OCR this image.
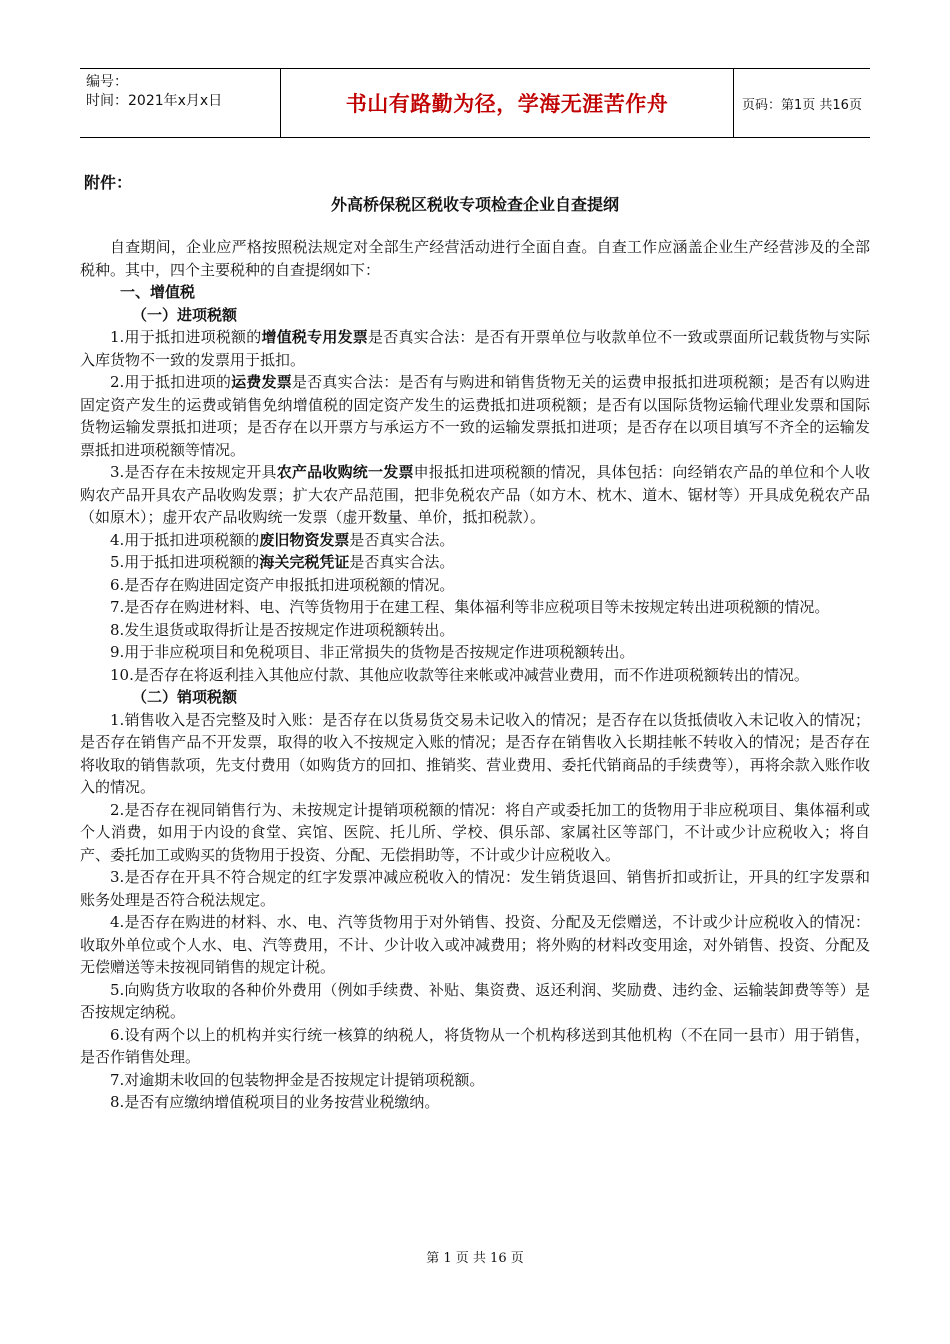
编号：
时间：2021年x月x日	书山有路勤为径，学海无涯苦作舟	页码：第1页 共16页
附件：
外高桥保税区税收专项检查企业自查提纲

自查期间，企业应严格按照税法规定对全部生产经营活动进行全面自查。自查工作应涵盖企业生产经营涉及的全部税种。其中，四个主要税种的自查提纲如下：

一、增值税

（一）进项税额

1.用于抵扣进项税额的增值税专用发票是否真实合法：是否有开票单位与收款单位不一致或票面所记载货物与实际入库货物不一致的发票用于抵扣。

2.用于抵扣进项的运费发票是否真实合法：是否有与购进和销售货物无关的运费申报抵扣进项税额；是否有以购进固定资产发生的运费或销售免纳增值税的固定资产发生的运费抵扣进项税额；是否有以国际货物运输代理业发票和国际货物运输发票抵扣进项；是否存在以开票方与承运方不一致的运输发票抵扣进项；是否存在以项目填写不齐全的运输发票抵扣进项税额等情况。

3.是否存在未按规定开具农产品收购统一发票申报抵扣进项税额的情况，具体包括：向经销农产品的单位和个人收购农产品开具农产品收购发票；扩大农产品范围，把非免税农产品（如方木、枕木、道木、锯材等）开具成免税农产品（如原木）；虚开农产品收购统一发票（虚开数量、单价，抵扣税款）。

4.用于抵扣进项税额的废旧物资发票是否真实合法。

5.用于抵扣进项税额的海关完税凭证是否真实合法。

6.是否存在购进固定资产申报抵扣进项税额的情况。

7.是否存在购进材料、电、汽等货物用于在建工程、集体福利等非应税项目等未按规定转出进项税额的情况。

8.发生退货或取得折让是否按规定作进项税额转出。

9.用于非应税项目和免税项目、非正常损失的货物是否按规定作进项税额转出。

10.是否存在将返利挂入其他应付款、其他应收款等往来帐或冲减营业费用，而不作进项税额转出的情况。

（二）销项税额

1.销售收入是否完整及时入账：是否存在以货易货交易未记收入的情况；是否存在以货抵债收入未记收入的情况；是否存在销售产品不开发票，取得的收入不按规定入账的情况；是否存在销售收入长期挂帐不转收入的情况；是否存在将收取的销售款项，先支付费用（如购货方的回扣、推销奖、营业费用、委托代销商品的手续费等），再将余款入账作收入的情况。

2.是否存在视同销售行为、未按规定计提销项税额的情况：将自产或委托加工的货物用于非应税项目、集体福利或个人消费，如用于内设的食堂、宾馆、医院、托儿所、学校、俱乐部、家属社区等部门，不计或少计应税收入；将自产、委托加工或购买的货物用于投资、分配、无偿捐助等，不计或少计应税收入。

3.是否存在开具不符合规定的红字发票冲减应税收入的情况：发生销货退回、销售折扣或折让，开具的红字发票和账务处理是否符合税法规定。

4.是否存在购进的材料、水、电、汽等货物用于对外销售、投资、分配及无偿赠送，不计或少计应税收入的情况：收取外单位或个人水、电、汽等费用，不计、少计收入或冲减费用；将外购的材料改变用途，对外销售、投资、分配及无偿赠送等未按视同销售的规定计税。

5.向购货方收取的各种价外费用（例如手续费、补贴、集资费、返还利润、奖励费、违约金、运输装卸费等等）是否按规定纳税。

6.设有两个以上的机构并实行统一核算的纳税人，将货物从一个机构移送到其他机构（不在同一县市）用于销售，是否作销售处理。

7.对逾期未收回的包装物押金是否按规定计提销项税额。

8.是否有应缴纳增值税项目的业务按营业税缴纳。

第 1 页 共 16 页
